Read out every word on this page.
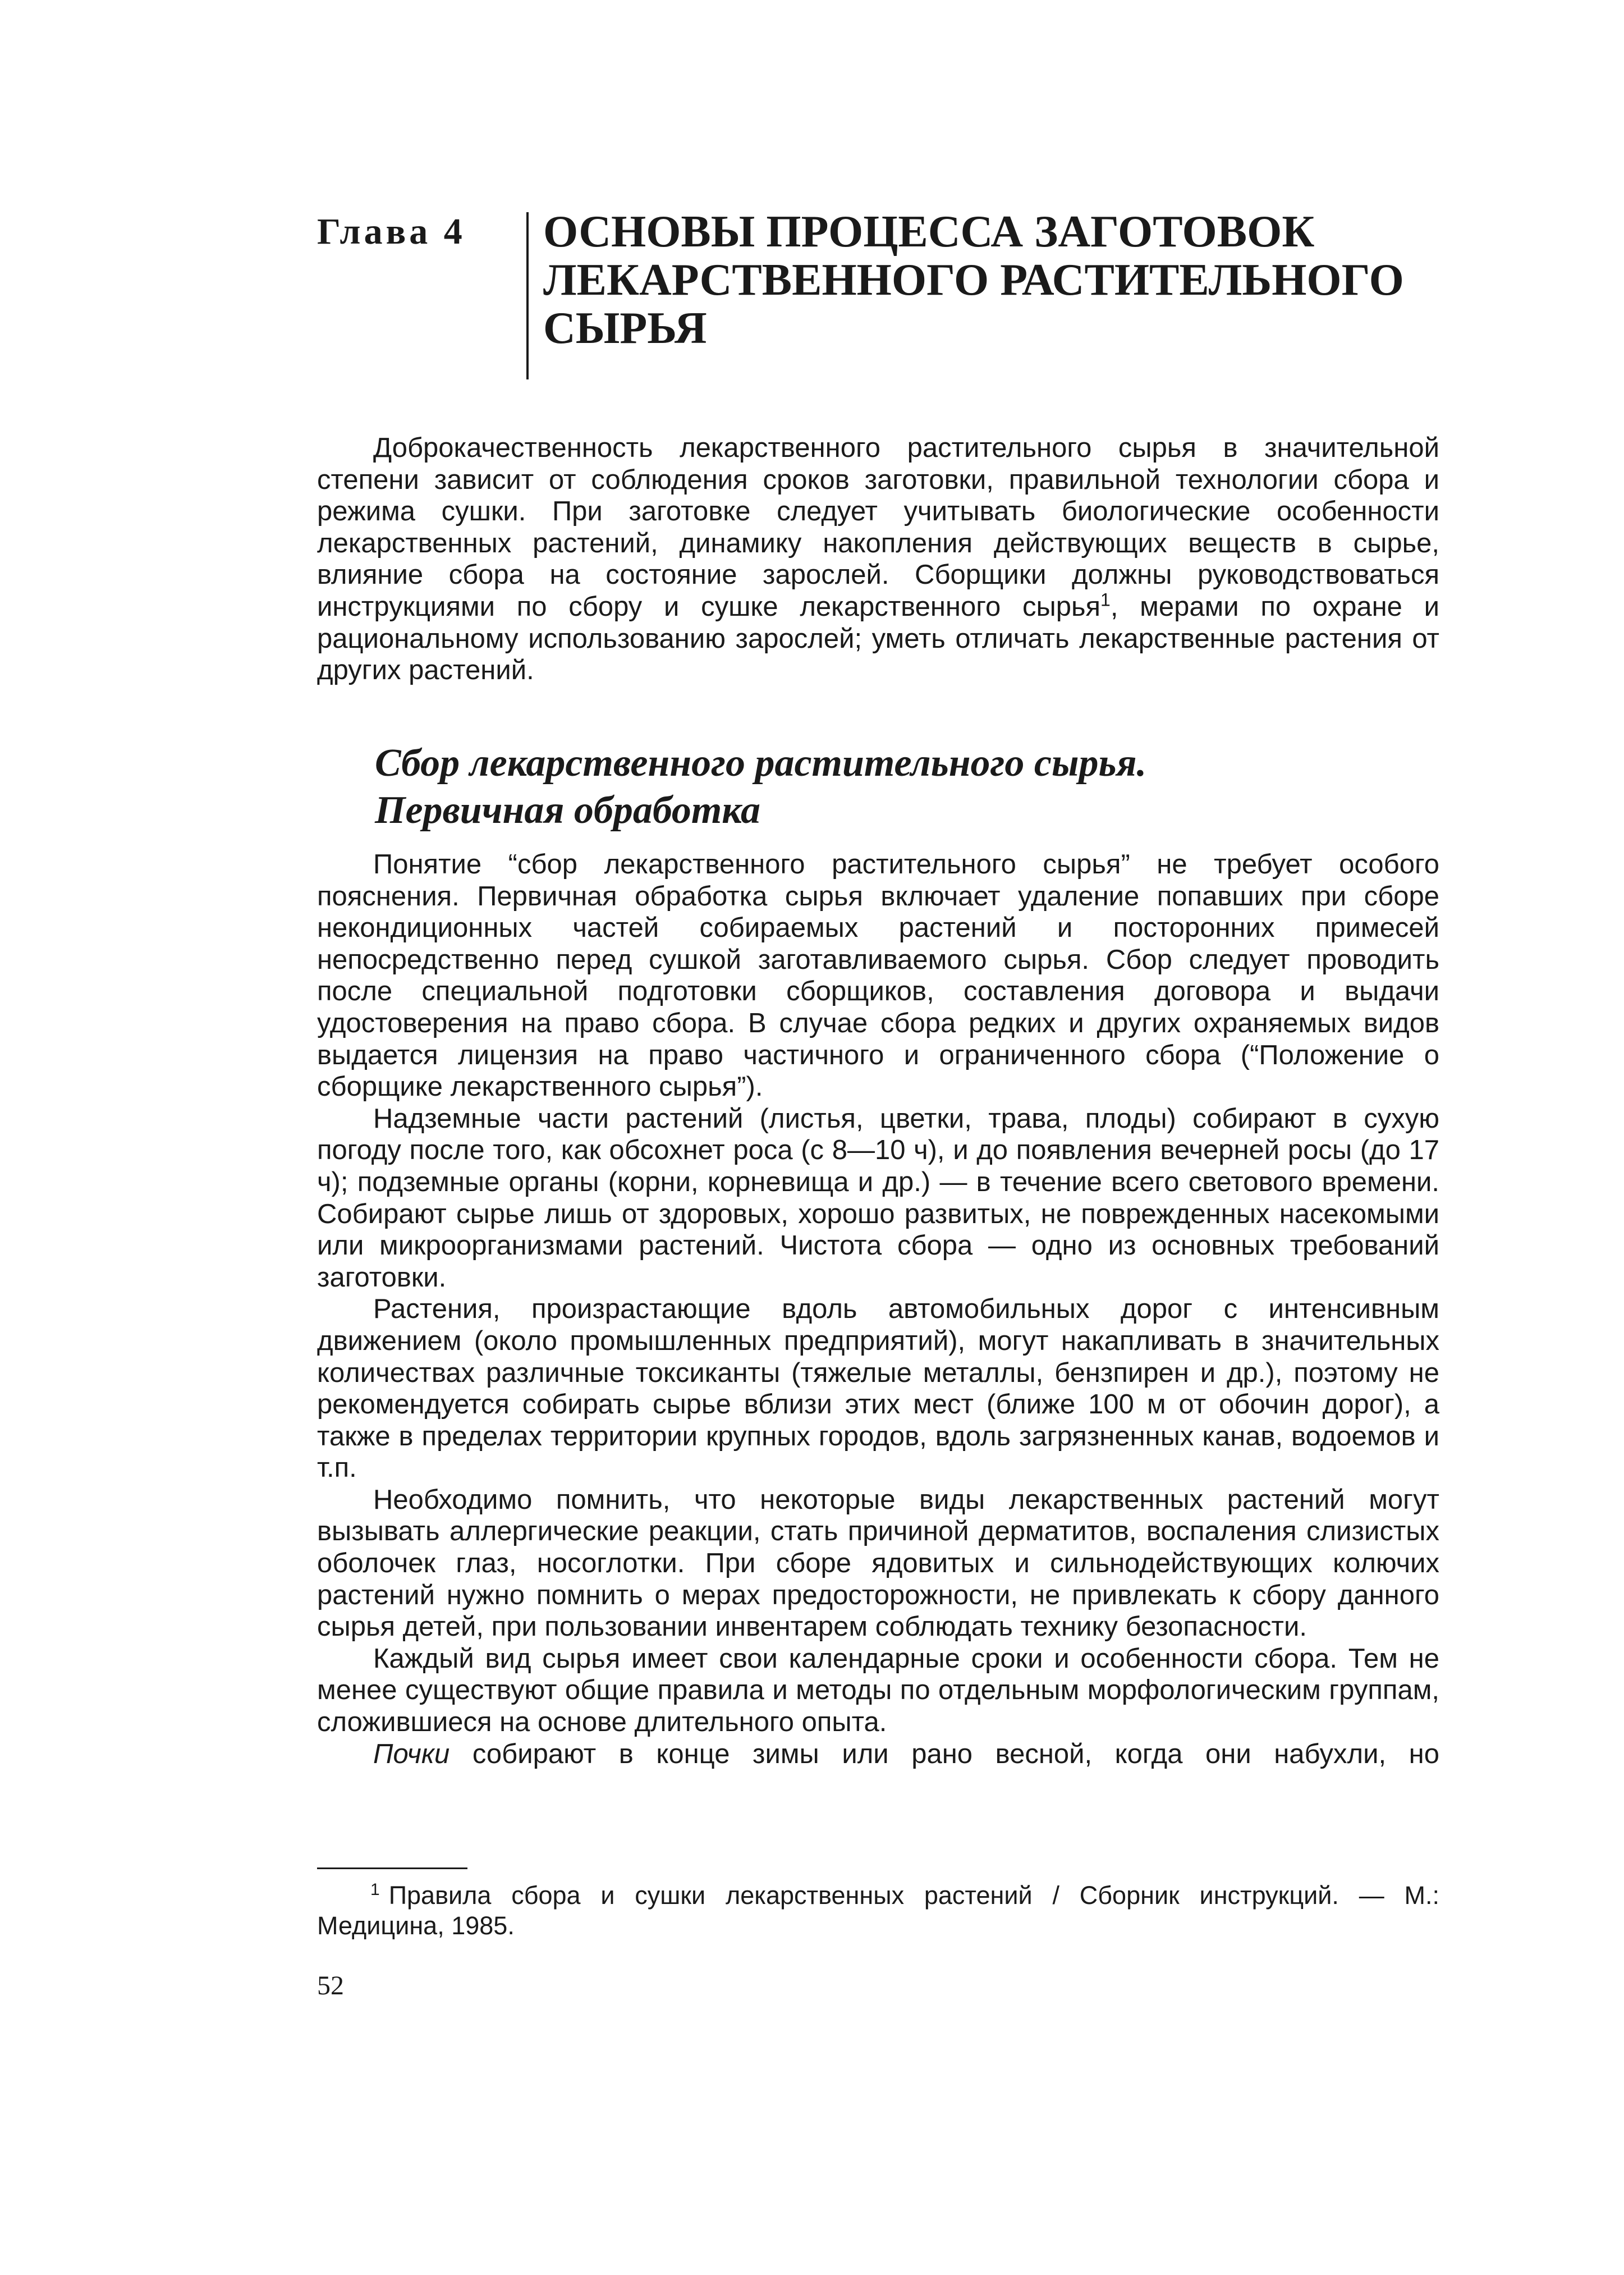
Глава 4 ОСНОВЫ ПРОЦЕССА ЗАГОТОВОК
ЛЕКАРСТВЕННОГО РАСТИТЕЛЬНОГО
СЫРЬЯ

Доброкачественность лекарственного растительного сырья в значительной степени зависит от соблюдения сроков заготовки, правильной технологии сбора и режима сушки. При заготовке следует учитывать биологические особенности лекарственных растений, динамику накопления действующих веществ в сырье, влияние сбора на состояние зарослей. Сборщики должны руководствоваться инструкциями по сбору и сушке лекарственного сырья$^1$, мерами по охране и рациональному использованию зарослей; уметь отличать лекарственные растения от других растений.

Сбор лекарственного растительного сырья.
Первичная обработка

Понятие “сбор лекарственного растительного сырья” не требует особого пояснения. Первичная обработка сырья включает удаление попавших при сборе некондиционных частей собираемых растений и посторонних примесей непосредственно перед сушкой заготавливаемого сырья. Сбор следует проводить после специальной подготовки сборщиков, составления договора и выдачи удостоверения на право сбора. В случае сбора редких и других охраняемых видов выдается лицензия на право частичного и ограниченного сбора (“Положение о сборщике лекарственного сырья”).

Надземные части растений (листья, цветки, трава, плоды) собирают в сухую погоду после того, как обсохнет роса (с 8—10 ч), и до появления вечерней росы (до 17 ч); подземные органы (корни, корневища и др.) — в течение всего светового времени. Собирают сырье лишь от здоровых, хорошо развитых, не поврежденных насекомыми или микроорганизмами растений. Чистота сбора — одно из основных требований заготовки.

Растения, произрастающие вдоль автомобильных дорог с интенсивным движением (около промышленных предприятий), могут накапливать в значительных количествах различные токсиканты (тяжелые металлы, бензпирен и др.), поэтому не рекомендуется собирать сырье вблизи этих мест (ближе 100 м от обочин дорог), а также в пределах территории крупных городов, вдоль загрязненных канав, водоемов и т.п.

Необходимо помнить, что некоторые виды лекарственных растений могут вызывать аллергические реакции, стать причиной дерматитов, воспаления слизистых оболочек глаз, носоглотки. При сборе ядовитых и сильнодействующих колючих растений нужно помнить о мерах предосторожности, не привлекать к сбору данного сырья детей, при пользовании инвентарем соблюдать технику безопасности.

Каждый вид сырья имеет свои календарные сроки и особенности сбора. Тем не менее существуют общие правила и методы по отдельным морфологическим группам, сложившиеся на основе длительного опыта.

Почки собирают в конце зимы или рано весной, когда они набухли, но

$^1$ Правила сбора и сушки лекарственных растений / Сборник инструкций. — М.: Медицина, 1985.

52
